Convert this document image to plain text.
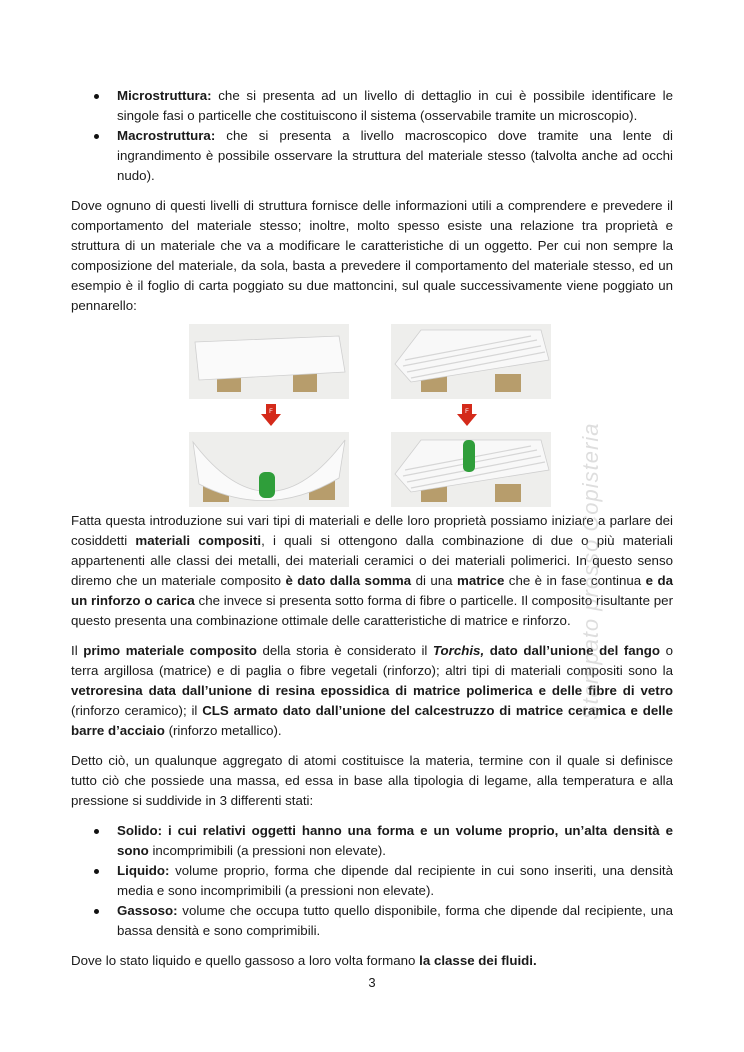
Microstruttura: che si presenta ad un livello di dettaglio in cui è possibile identificare le singole fasi o particelle che costituiscono il sistema (osservabile tramite un microscopio).
Macrostruttura: che si presenta a livello macroscopico dove tramite una lente di ingrandimento è possibile osservare la struttura del materiale stesso (talvolta anche ad occhi nudo).

Dove ognuno di questi livelli di struttura fornisce delle informazioni utili a comprendere e prevedere il comportamento del materiale stesso; inoltre, molto spesso esiste una relazione tra proprietà e struttura di un materiale che va a modificare le caratteristiche di un oggetto. Per cui non sempre la composizione del materiale, da sola, basta a prevedere il comportamento del materiale stesso, ed un esempio è il foglio di carta poggiato su due mattoncini, sul quale successivamente viene poggiato un pennarello:

F	F

Fatta questa introduzione sui vari tipi di materiali e delle loro proprietà possiamo iniziare a parlare dei cosiddetti materiali compositi, i quali si ottengono dalla combinazione di due o più materiali appartenenti alle classi dei metalli, dei materiali ceramici o dei materiali polimerici. In questo senso diremo che un materiale composito è dato dalla somma di una matrice che è in fase continua e da un rinforzo o carica che invece si presenta sotto forma di fibre o particelle. Il composito risultante per questo presenta una combinazione ottimale delle caratteristiche di matrice e rinforzo.

Il primo materiale composito della storia è considerato il Torchis, dato dall’unione del fango o terra argillosa (matrice) e di paglia o fibre vegetali (rinforzo); altri tipi di materiali compositi sono la vetroresina data dall’unione di resina epossidica di matrice polimerica e delle fibre di vetro (rinforzo ceramico); il CLS armato dato dall’unione del calcestruzzo di matrice ceramica e delle barre d’acciaio (rinforzo metallico).

Detto ciò, un qualunque aggregato di atomi costituisce la materia, termine con il quale si definisce tutto ciò che possiede una massa, ed essa in base alla tipologia di legame, alla temperatura e alla pressione si suddivide in 3 differenti stati:

Solido: i cui relativi oggetti hanno una forma e un volume proprio, un’alta densità e sono incomprimibili (a pressioni non elevate).
Liquido: volume proprio, forma che dipende dal recipiente in cui sono inseriti, una densità media e sono incomprimibili (a pressioni non elevate).
Gassoso: volume che occupa tutto quello disponibile, forma che dipende dal recipiente, una bassa densità e sono comprimibili.

Dove lo stato liquido e quello gassoso a loro volta formano la classe dei fluidi.

3
Stampato presso Copisteria
